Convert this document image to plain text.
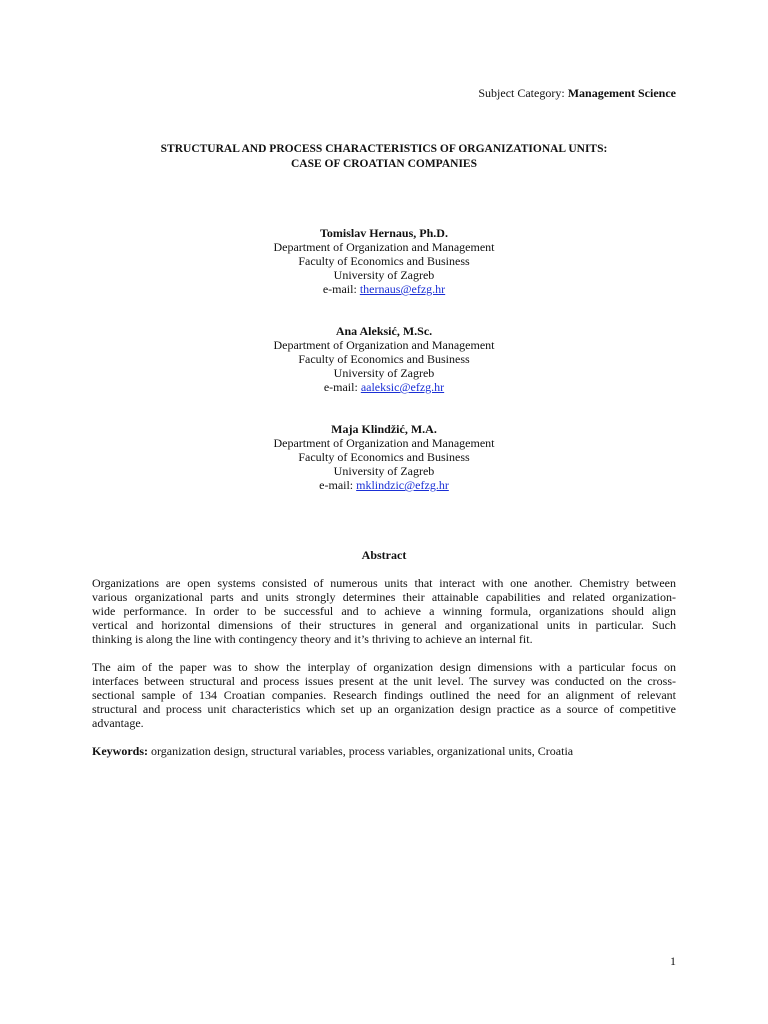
Subject Category: Management Science
STRUCTURAL AND PROCESS CHARACTERISTICS OF ORGANIZATIONAL UNITS:
CASE OF CROATIAN COMPANIES
Tomislav Hernaus, Ph.D.
Department of Organization and Management
Faculty of Economics and Business
University of Zagreb
e-mail: thernaus@efzg.hr
Ana Aleksić, M.Sc.
Department of Organization and Management
Faculty of Economics and Business
University of Zagreb
e-mail: aaleksic@efzg.hr
Maja Klindžić, M.A.
Department of Organization and Management
Faculty of Economics and Business
University of Zagreb
e-mail: mklindzic@efzg.hr
Abstract
Organizations are open systems consisted of numerous units that interact with one another. Chemistry between
various organizational parts and units strongly determines their attainable capabilities and related organization-
wide performance. In order to be successful and to achieve a winning formula, organizations should align
vertical and horizontal dimensions of their structures in general and organizational units in particular. Such
thinking is along the line with contingency theory and it’s thriving to achieve an internal fit.
The aim of the paper was to show the interplay of organization design dimensions with a particular focus on
interfaces between structural and process issues present at the unit level. The survey was conducted on the cross-
sectional sample of 134 Croatian companies. Research findings outlined the need for an alignment of relevant
structural and process unit characteristics which set up an organization design practice as a source of competitive
advantage.
Keywords: organization design, structural variables, process variables, organizational units, Croatia
1
